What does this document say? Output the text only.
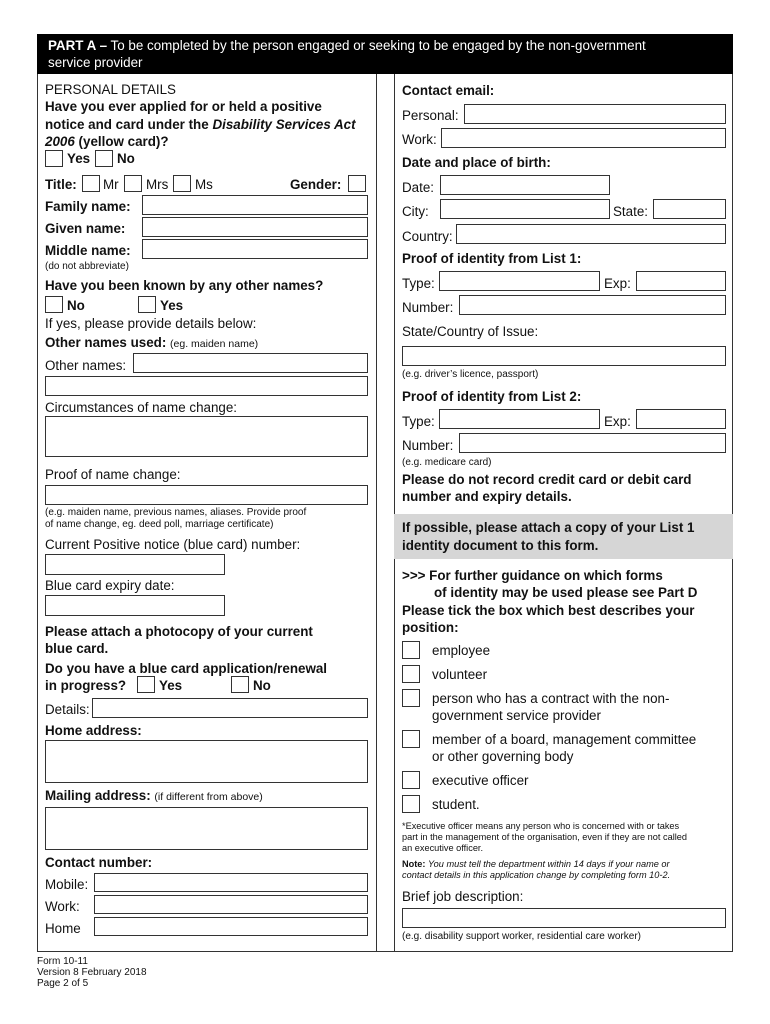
PART A – To be completed by the person engaged or seeking to be engaged by the non-government
service provider
PERSONAL DETAILS
Have you ever applied for or held a positive
notice and card under the Disability Services Act
2006 (yellow card)?
Yes No
Title: Mr Mrs Ms	Gender:
Family name:
Given name:
Middle name:
(do not abbreviate)
Have you been known by any other names?
No	Yes
If yes, please provide details below:
Other names used: (eg. maiden name)
Other names:
Circumstances of name change:
Proof of name change:
(e.g. maiden name, previous names, aliases. Provide proof
of name change, eg. deed poll, marriage certificate)
Current Positive notice (blue card) number:
Blue card expiry date:
Please attach a photocopy of your current
blue card.
Do you have a blue card application/renewal
in progress? Yes	No
Details:
Home address:
Mailing address: (if different from above)
Contact number:
Mobile:
Work:
Home
Contact email:
Personal:
Work:
Date and place of birth:
Date:
City:	State:
Country:
Proof of identity from List 1:
Type:	Exp:
Number:
State/Country of Issue:
(e.g. driver’s licence, passport)
Proof of identity from List 2:
Type:	Exp:
Number:
(e.g. medicare card)
Please do not record credit card or debit card
number and expiry details.
If possible, please attach a copy of your List 1
identity document to this form.
>>> For further guidance on which forms
of identity may be used please see Part D
Please tick the box which best describes your
position:
employee
volunteer
person who has a contract with the non-
government service provider
member of a board, management committee
or other governing body
executive officer
student.
*Executive officer means any person who is concerned with or takes
part in the management of the organisation, even if they are not called
an executive officer.
Note: You must tell the department within 14 days if your name or
contact details in this application change by completing form 10-2.
Brief job description:
(e.g. disability support worker, residential care worker)
Form 10-11
Version 8 February 2018
Page 2 of 5
